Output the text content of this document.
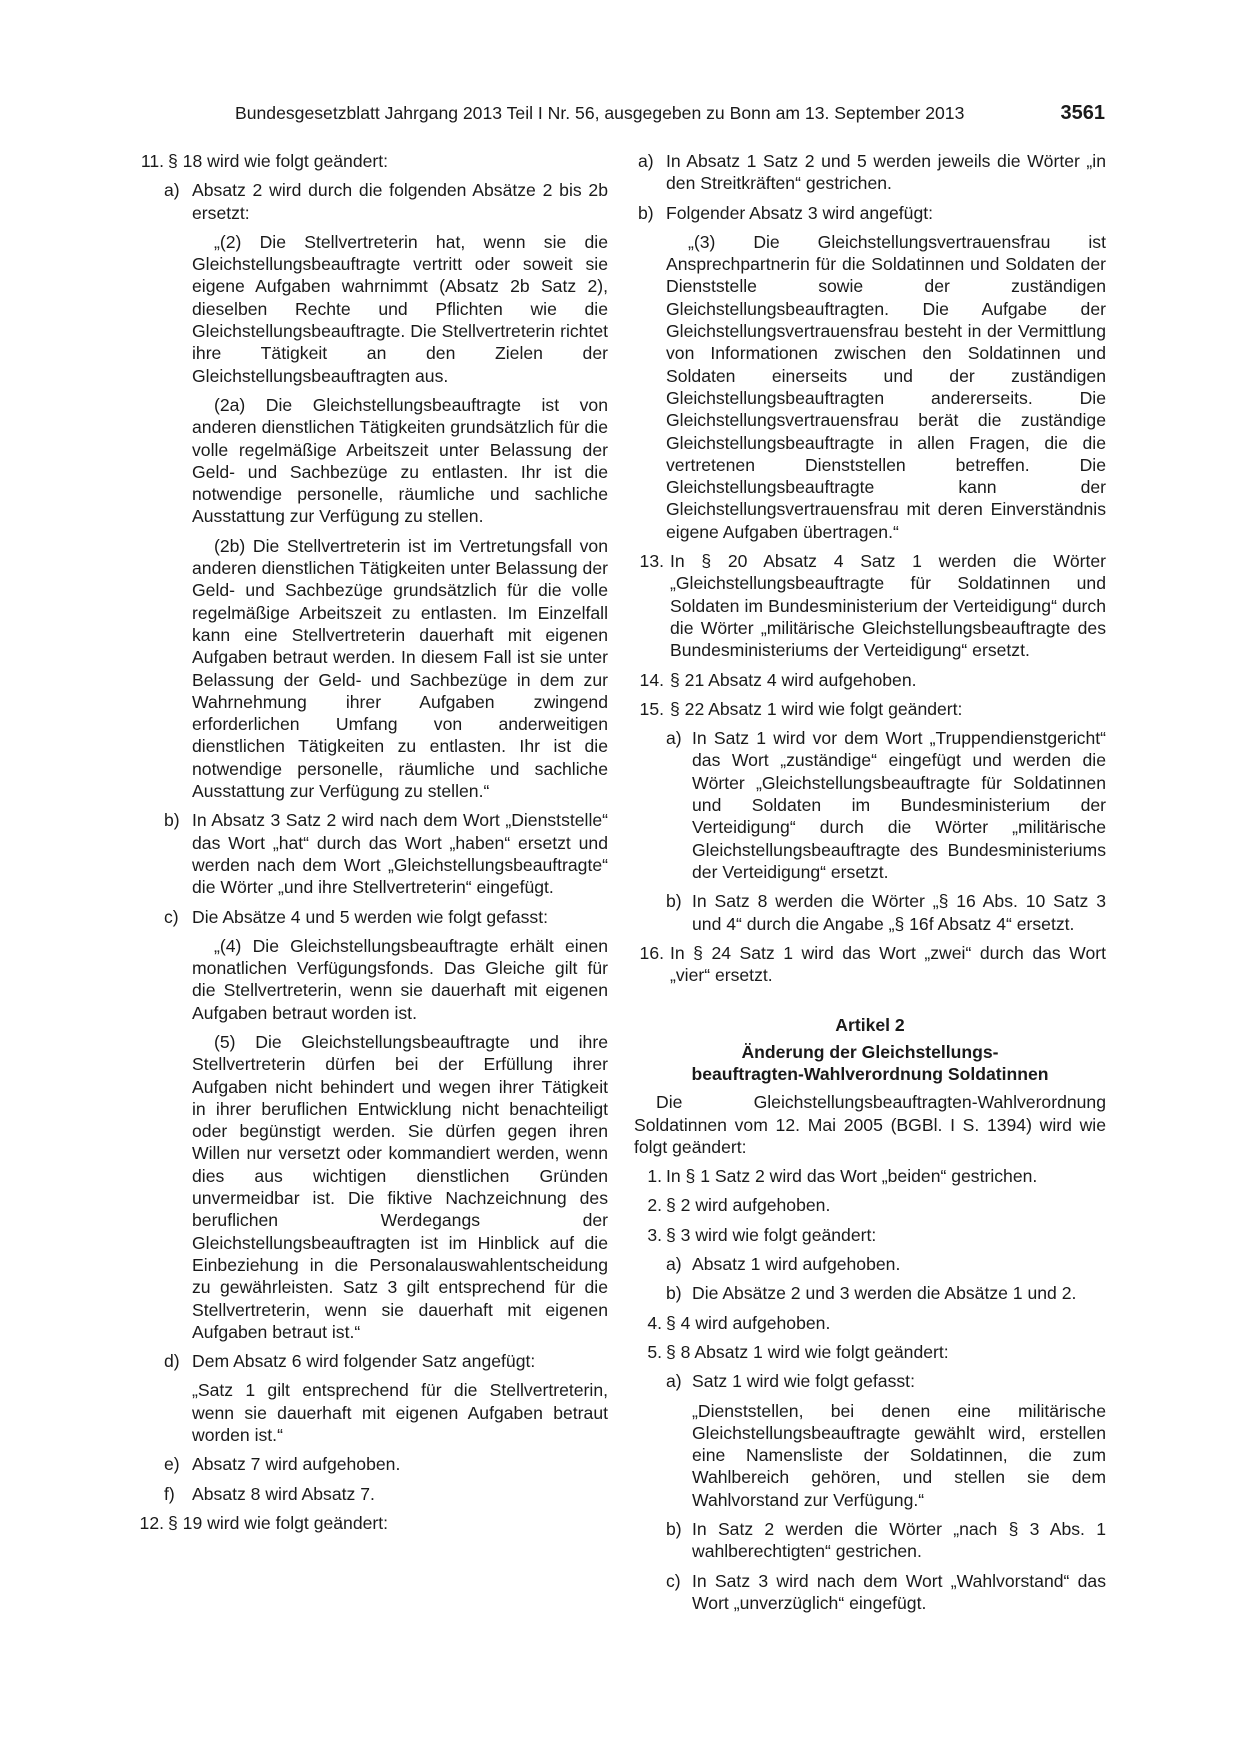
Bundesgesetzblatt Jahrgang 2013 Teil I Nr. 56, ausgegeben zu Bonn am 13. September 2013	3561
11. § 18 wird wie folgt geändert:
a) Absatz 2 wird durch die folgenden Absätze 2 bis 2b ersetzt:
„(2) Die Stellvertreterin hat, wenn sie die Gleichstellungsbeauftragte vertritt oder soweit sie eigene Aufgaben wahrnimmt (Absatz 2b Satz 2), dieselben Rechte und Pflichten wie die Gleichstellungsbeauftragte. Die Stellvertreterin richtet ihre Tätigkeit an den Zielen der Gleichstellungsbeauftragten aus.
(2a) Die Gleichstellungsbeauftragte ist von anderen dienstlichen Tätigkeiten grundsätzlich für die volle regelmäßige Arbeitszeit unter Belassung der Geld- und Sachbezüge zu entlasten. Ihr ist die notwendige personelle, räumliche und sachliche Ausstattung zur Verfügung zu stellen.
(2b) Die Stellvertreterin ist im Vertretungsfall von anderen dienstlichen Tätigkeiten unter Belassung der Geld- und Sachbezüge grundsätzlich für die volle regelmäßige Arbeitszeit zu entlasten. Im Einzelfall kann eine Stellvertreterin dauerhaft mit eigenen Aufgaben betraut werden. In diesem Fall ist sie unter Belassung der Geld- und Sachbezüge in dem zur Wahrnehmung ihrer Aufgaben zwingend erforderlichen Umfang von anderweitigen dienstlichen Tätigkeiten zu entlasten. Ihr ist die notwendige personelle, räumliche und sachliche Ausstattung zur Verfügung zu stellen.“
b) In Absatz 3 Satz 2 wird nach dem Wort „Dienststelle“ das Wort „hat“ durch das Wort „haben“ ersetzt und werden nach dem Wort „Gleichstellungsbeauftragte“ die Wörter „und ihre Stellvertreterin“ eingefügt.
c) Die Absätze 4 und 5 werden wie folgt gefasst:
„(4) Die Gleichstellungsbeauftragte erhält einen monatlichen Verfügungsfonds. Das Gleiche gilt für die Stellvertreterin, wenn sie dauerhaft mit eigenen Aufgaben betraut worden ist.
(5) Die Gleichstellungsbeauftragte und ihre Stellvertreterin dürfen bei der Erfüllung ihrer Aufgaben nicht behindert und wegen ihrer Tätigkeit in ihrer beruflichen Entwicklung nicht benachteiligt oder begünstigt werden. Sie dürfen gegen ihren Willen nur versetzt oder kommandiert werden, wenn dies aus wichtigen dienstlichen Gründen unvermeidbar ist. Die fiktive Nachzeichnung des beruflichen Werdegangs der Gleichstellungsbeauftragten ist im Hinblick auf die Einbeziehung in die Personalauswahlentscheidung zu gewährleisten. Satz 3 gilt entsprechend für die Stellvertreterin, wenn sie dauerhaft mit eigenen Aufgaben betraut ist.“
d) Dem Absatz 6 wird folgender Satz angefügt:
„Satz 1 gilt entsprechend für die Stellvertreterin, wenn sie dauerhaft mit eigenen Aufgaben betraut worden ist.“
e) Absatz 7 wird aufgehoben.
f) Absatz 8 wird Absatz 7.
12. § 19 wird wie folgt geändert:
a) In Absatz 1 Satz 2 und 5 werden jeweils die Wörter „in den Streitkräften“ gestrichen.
b) Folgender Absatz 3 wird angefügt:
„(3) Die Gleichstellungsvertrauensfrau ist Ansprechpartnerin für die Soldatinnen und Soldaten der Dienststelle sowie der zuständigen Gleichstellungsbeauftragten. Die Aufgabe der Gleichstellungsvertrauensfrau besteht in der Vermittlung von Informationen zwischen den Soldatinnen und Soldaten einerseits und der zuständigen Gleichstellungsbeauftragten andererseits. Die Gleichstellungsvertrauensfrau berät die zuständige Gleichstellungsbeauftragte in allen Fragen, die die vertretenen Dienststellen betreffen. Die Gleichstellungsbeauftragte kann der Gleichstellungsvertrauensfrau mit deren Einverständnis eigene Aufgaben übertragen.“
13. In § 20 Absatz 4 Satz 1 werden die Wörter „Gleichstellungsbeauftragte für Soldatinnen und Soldaten im Bundesministerium der Verteidigung“ durch die Wörter „militärische Gleichstellungsbeauftragte des Bundesministeriums der Verteidigung“ ersetzt.
14. § 21 Absatz 4 wird aufgehoben.
15. § 22 Absatz 1 wird wie folgt geändert:
a) In Satz 1 wird vor dem Wort „Truppendienstgericht“ das Wort „zuständige“ eingefügt und werden die Wörter „Gleichstellungsbeauftragte für Soldatinnen und Soldaten im Bundesministerium der Verteidigung“ durch die Wörter „militärische Gleichstellungsbeauftragte des Bundesministeriums der Verteidigung“ ersetzt.
b) In Satz 8 werden die Wörter „§ 16 Abs. 10 Satz 3 und 4“ durch die Angabe „§ 16f Absatz 4“ ersetzt.
16. In § 24 Satz 1 wird das Wort „zwei“ durch das Wort „vier“ ersetzt.
Artikel 2
Änderung der Gleichstellungs-
beauftragten-Wahlverordnung Soldatinnen
Die Gleichstellungsbeauftragten-Wahlverordnung Soldatinnen vom 12. Mai 2005 (BGBl. I S. 1394) wird wie folgt geändert:
1. In § 1 Satz 2 wird das Wort „beiden“ gestrichen.
2. § 2 wird aufgehoben.
3. § 3 wird wie folgt geändert:
a) Absatz 1 wird aufgehoben.
b) Die Absätze 2 und 3 werden die Absätze 1 und 2.
4. § 4 wird aufgehoben.
5. § 8 Absatz 1 wird wie folgt geändert:
a) Satz 1 wird wie folgt gefasst:
„Dienststellen, bei denen eine militärische Gleichstellungsbeauftragte gewählt wird, erstellen eine Namensliste der Soldatinnen, die zum Wahlbereich gehören, und stellen sie dem Wahlvorstand zur Verfügung.“
b) In Satz 2 werden die Wörter „nach § 3 Abs. 1 wahlberechtigten“ gestrichen.
c) In Satz 3 wird nach dem Wort „Wahlvorstand“ das Wort „unverzüglich“ eingefügt.
